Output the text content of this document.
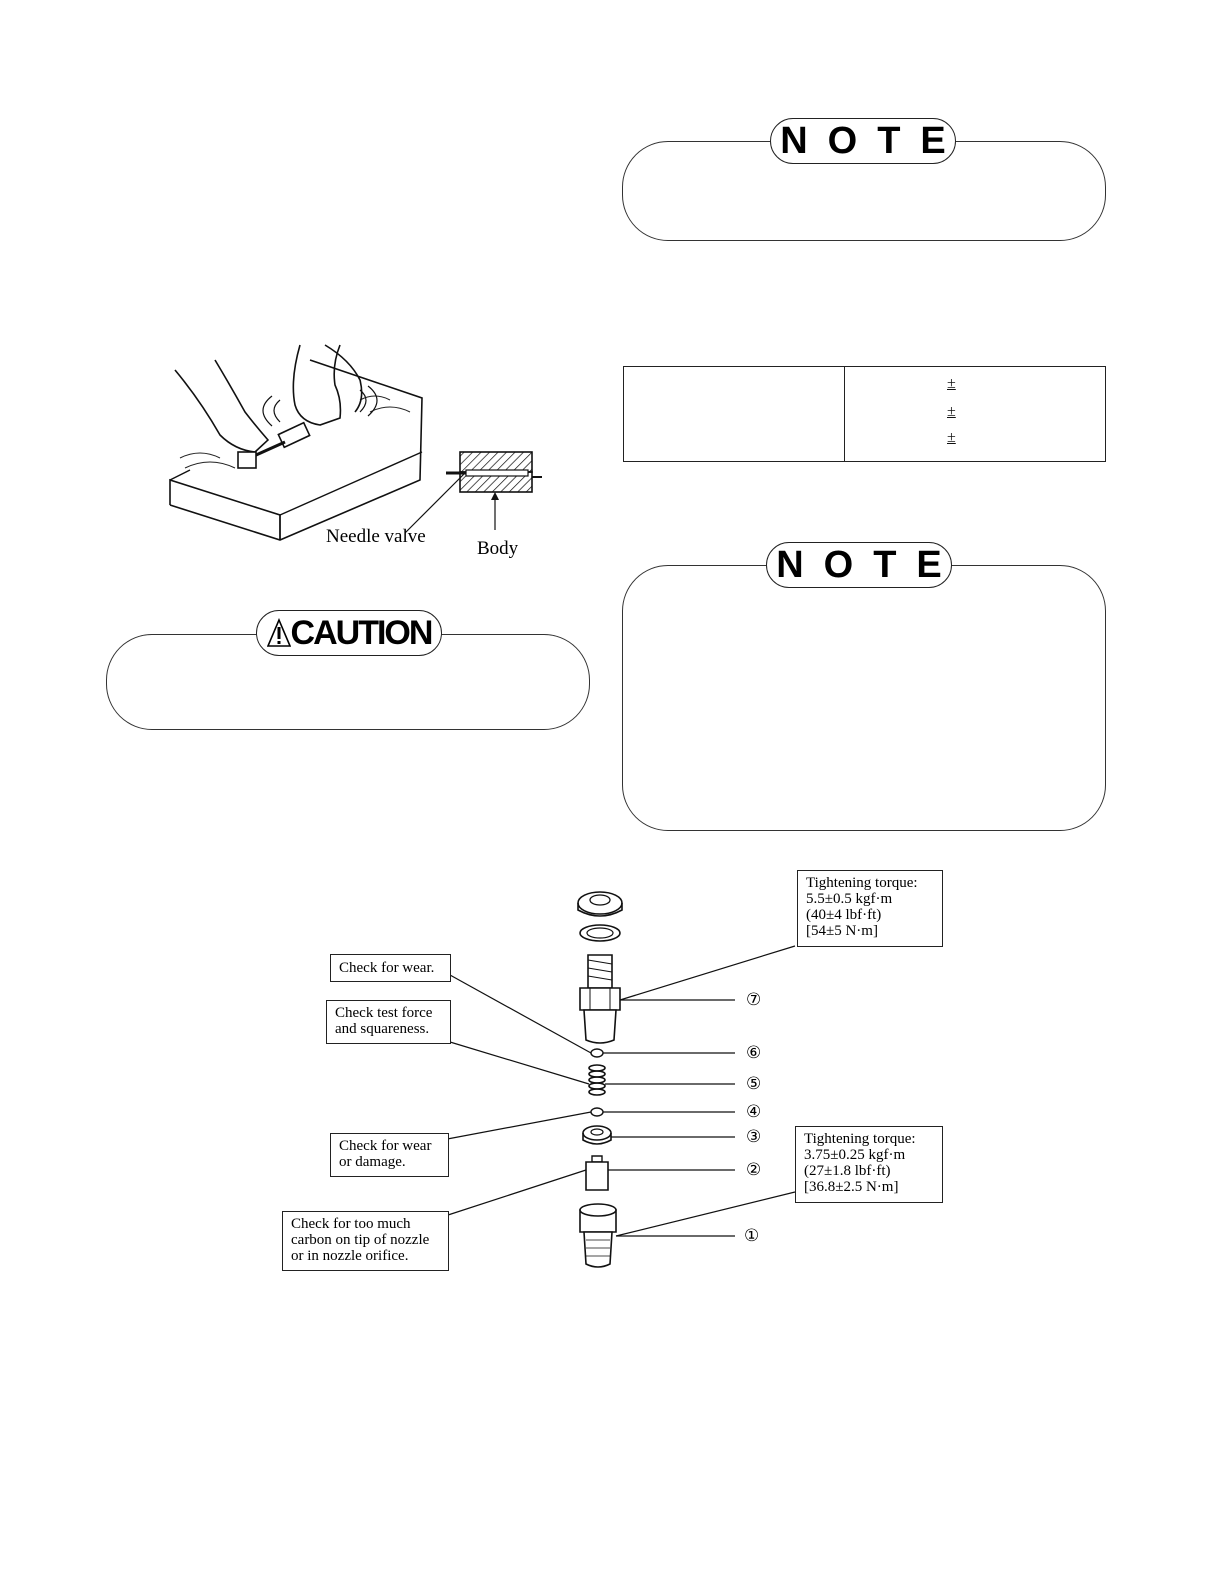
NOTE
Needle valve
Body
±
±
±
CAUTION
NOTE
⑦
⑥
⑤
④
③
②
①
Tightening torque:
5.5±0.5 kgf·m
(40±4 lbf·ft)
[54±5 N·m]
Tightening torque:
3.75±0.25 kgf·m
(27±1.8 lbf·ft)
[36.8±2.5 N·m]
Check for wear.
Check test force
and squareness.
Check for wear
or damage.
Check for too much
carbon on tip of nozzle
or in nozzle orifice.
